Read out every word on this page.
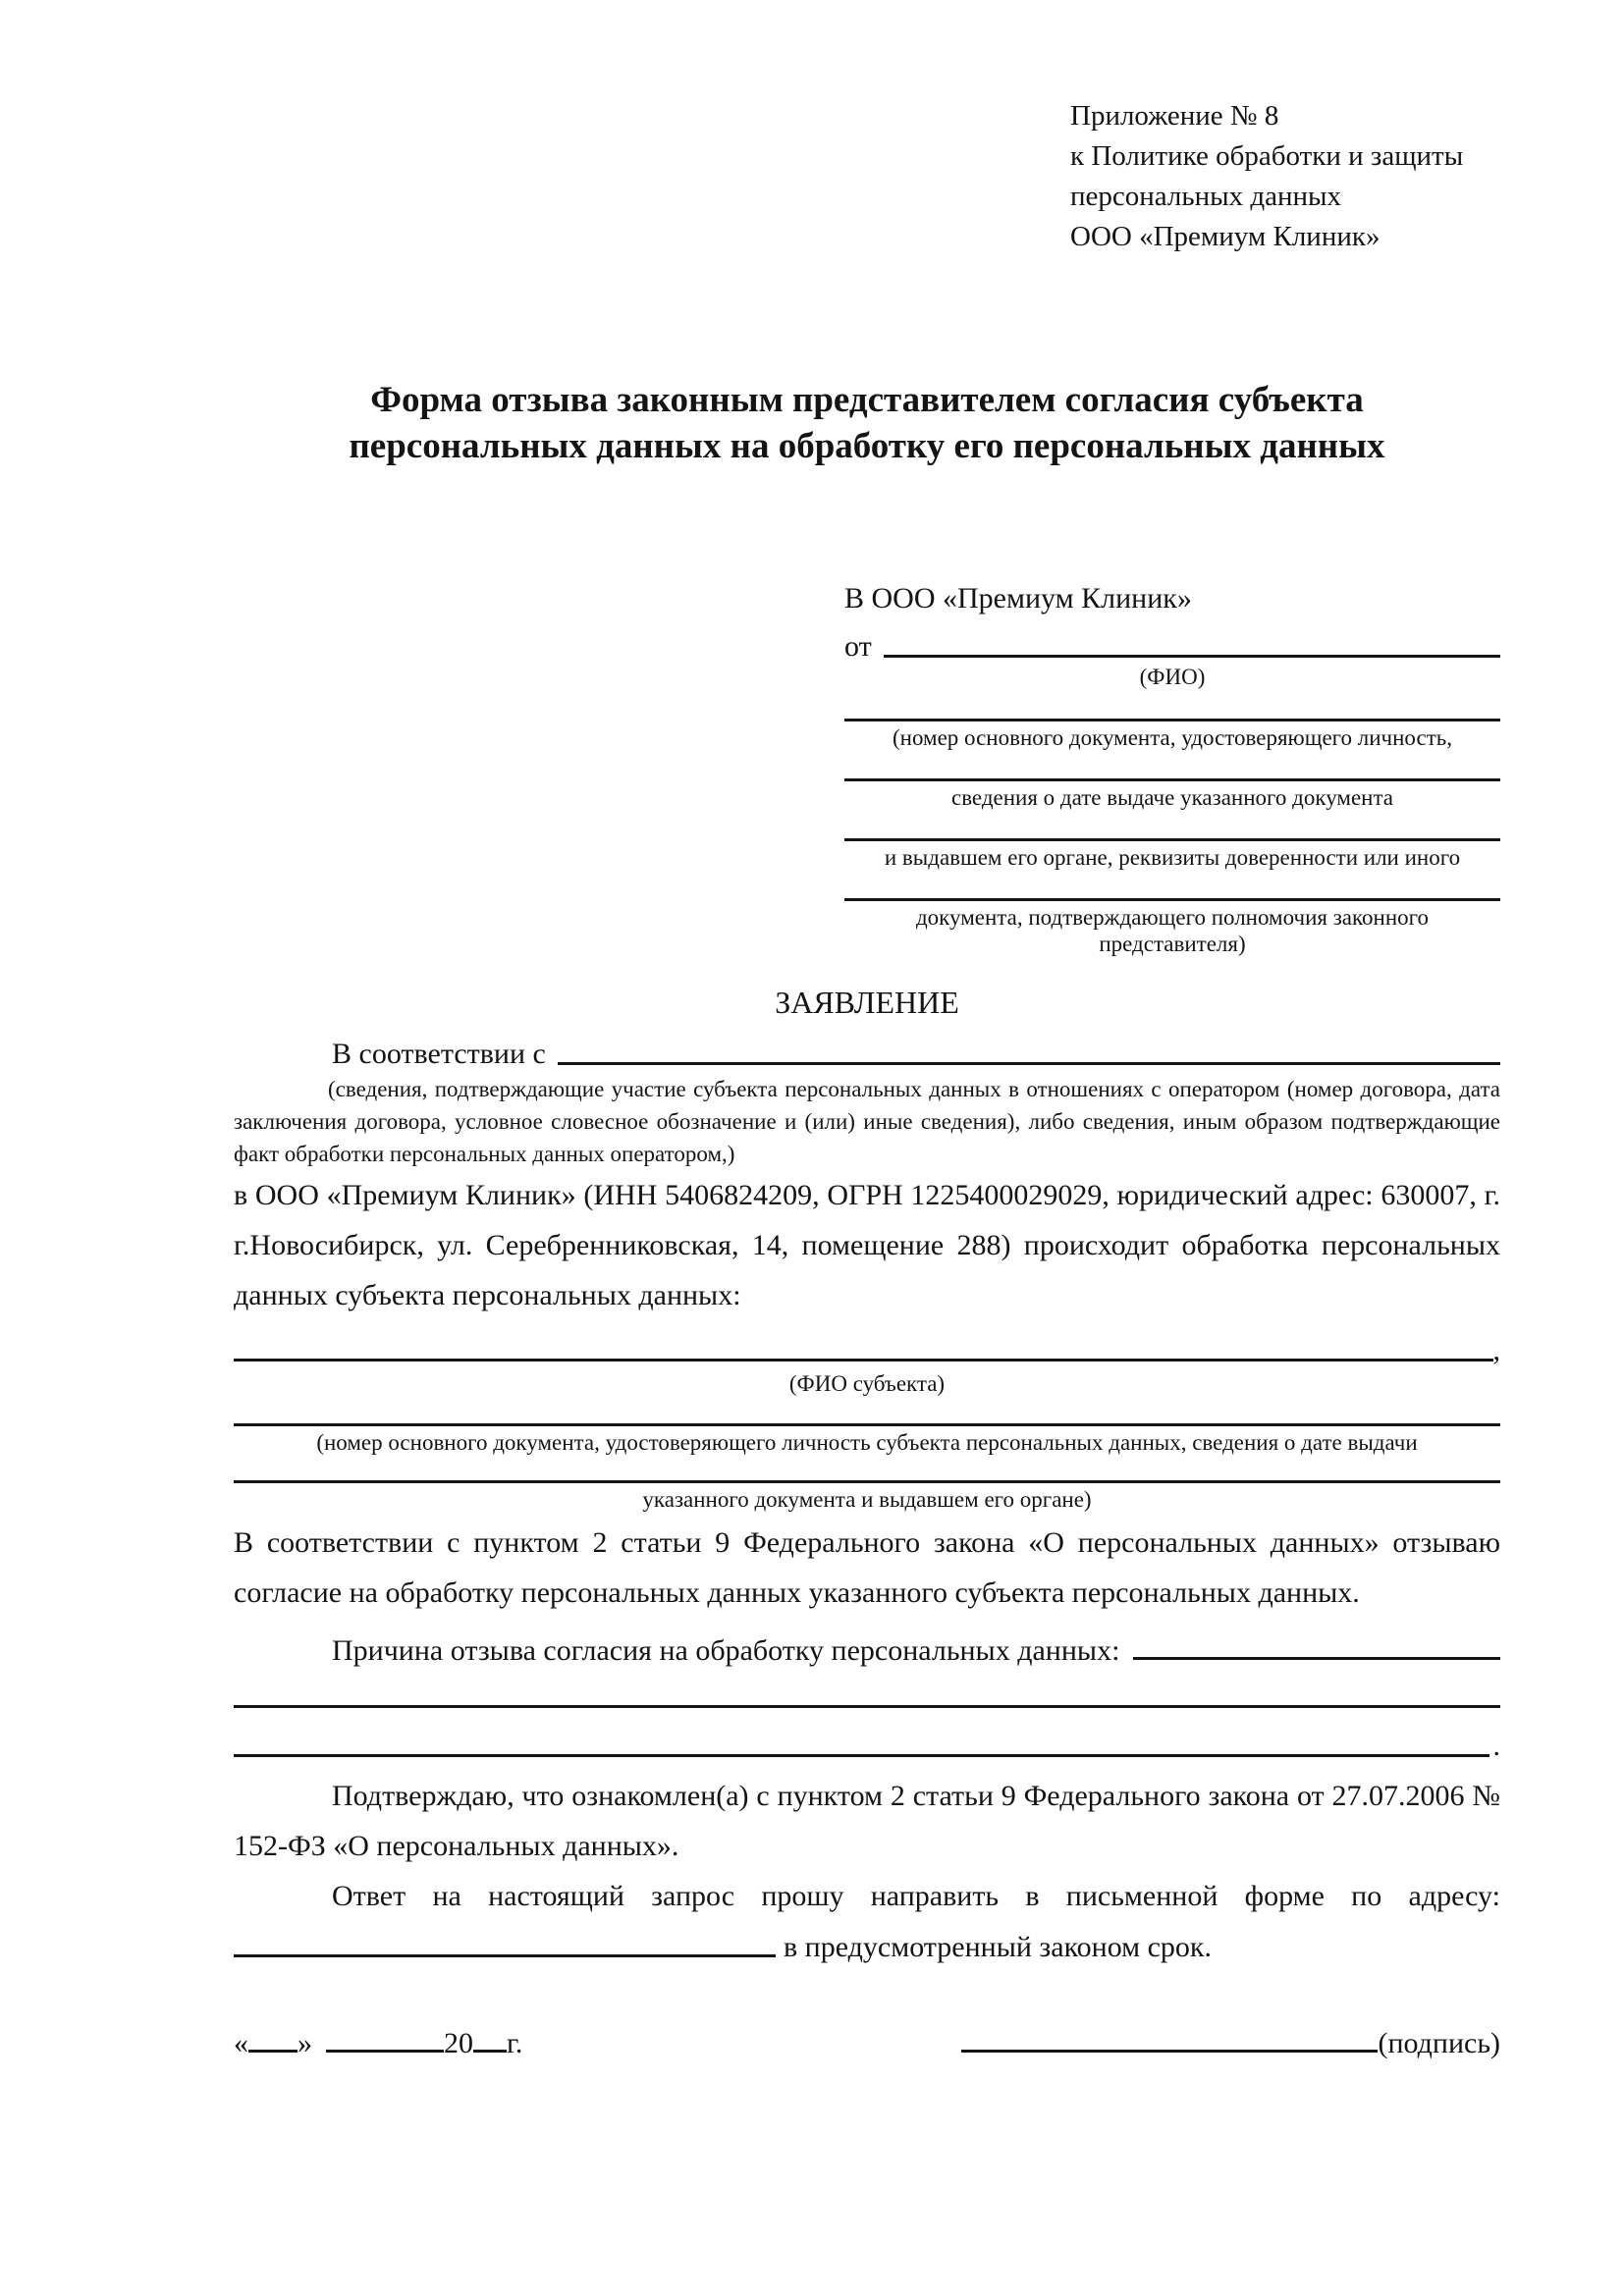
Приложение № 8
к Политике обработки и защиты
персональных данных
ООО «Премиум Клиник»
Форма отзыва законным представителем согласия субъекта
персональных данных на обработку его персональных данных
В ООО «Премиум Клиник»
от
(ФИО)
(номер основного документа, удостоверяющего личность,
сведения о дате выдаче указанного документа
и выдавшем его органе, реквизиты доверенности или иного
документа, подтверждающего полномочия законного представителя)
ЗАЯВЛЕНИЕ
В соответствии с
(сведения, подтверждающие участие субъекта персональных данных в отношениях с оператором (номер договора, дата заключения договора, условное словесное обозначение и (или) иные сведения), либо сведения, иным образом подтверждающие факт обработки персональных данных оператором,)

в ООО «Премиум Клиник» (ИНН 5406824209, ОГРН 1225400029029, юридический адрес: 630007, г. г.Новосибирск, ул. Серебренниковская, 14, помещение 288) происходит обработка персональных данных субъекта персональных данных:

,
(ФИО субъекта)
(номер основного документа, удостоверяющего личность субъекта персональных данных, сведения о дате выдачи
указанного документа и выдавшем его органе)

В соответствии с пунктом 2 статьи 9 Федерального закона «О персональных данных» отзываю согласие на обработку персональных данных указанного субъекта персональных данных.

Причина отзыва согласия на обработку персональных данных:
.

Подтверждаю, что ознакомлен(а) с пунктом 2 статьи 9 Федерального закона от 27.07.2006 № 152-ФЗ «О персональных данных».

Ответ на настоящий запрос прошу направить в письменной форме по адресу:

в предусмотренный законом срок.
« »	20 г.	(подпись)
